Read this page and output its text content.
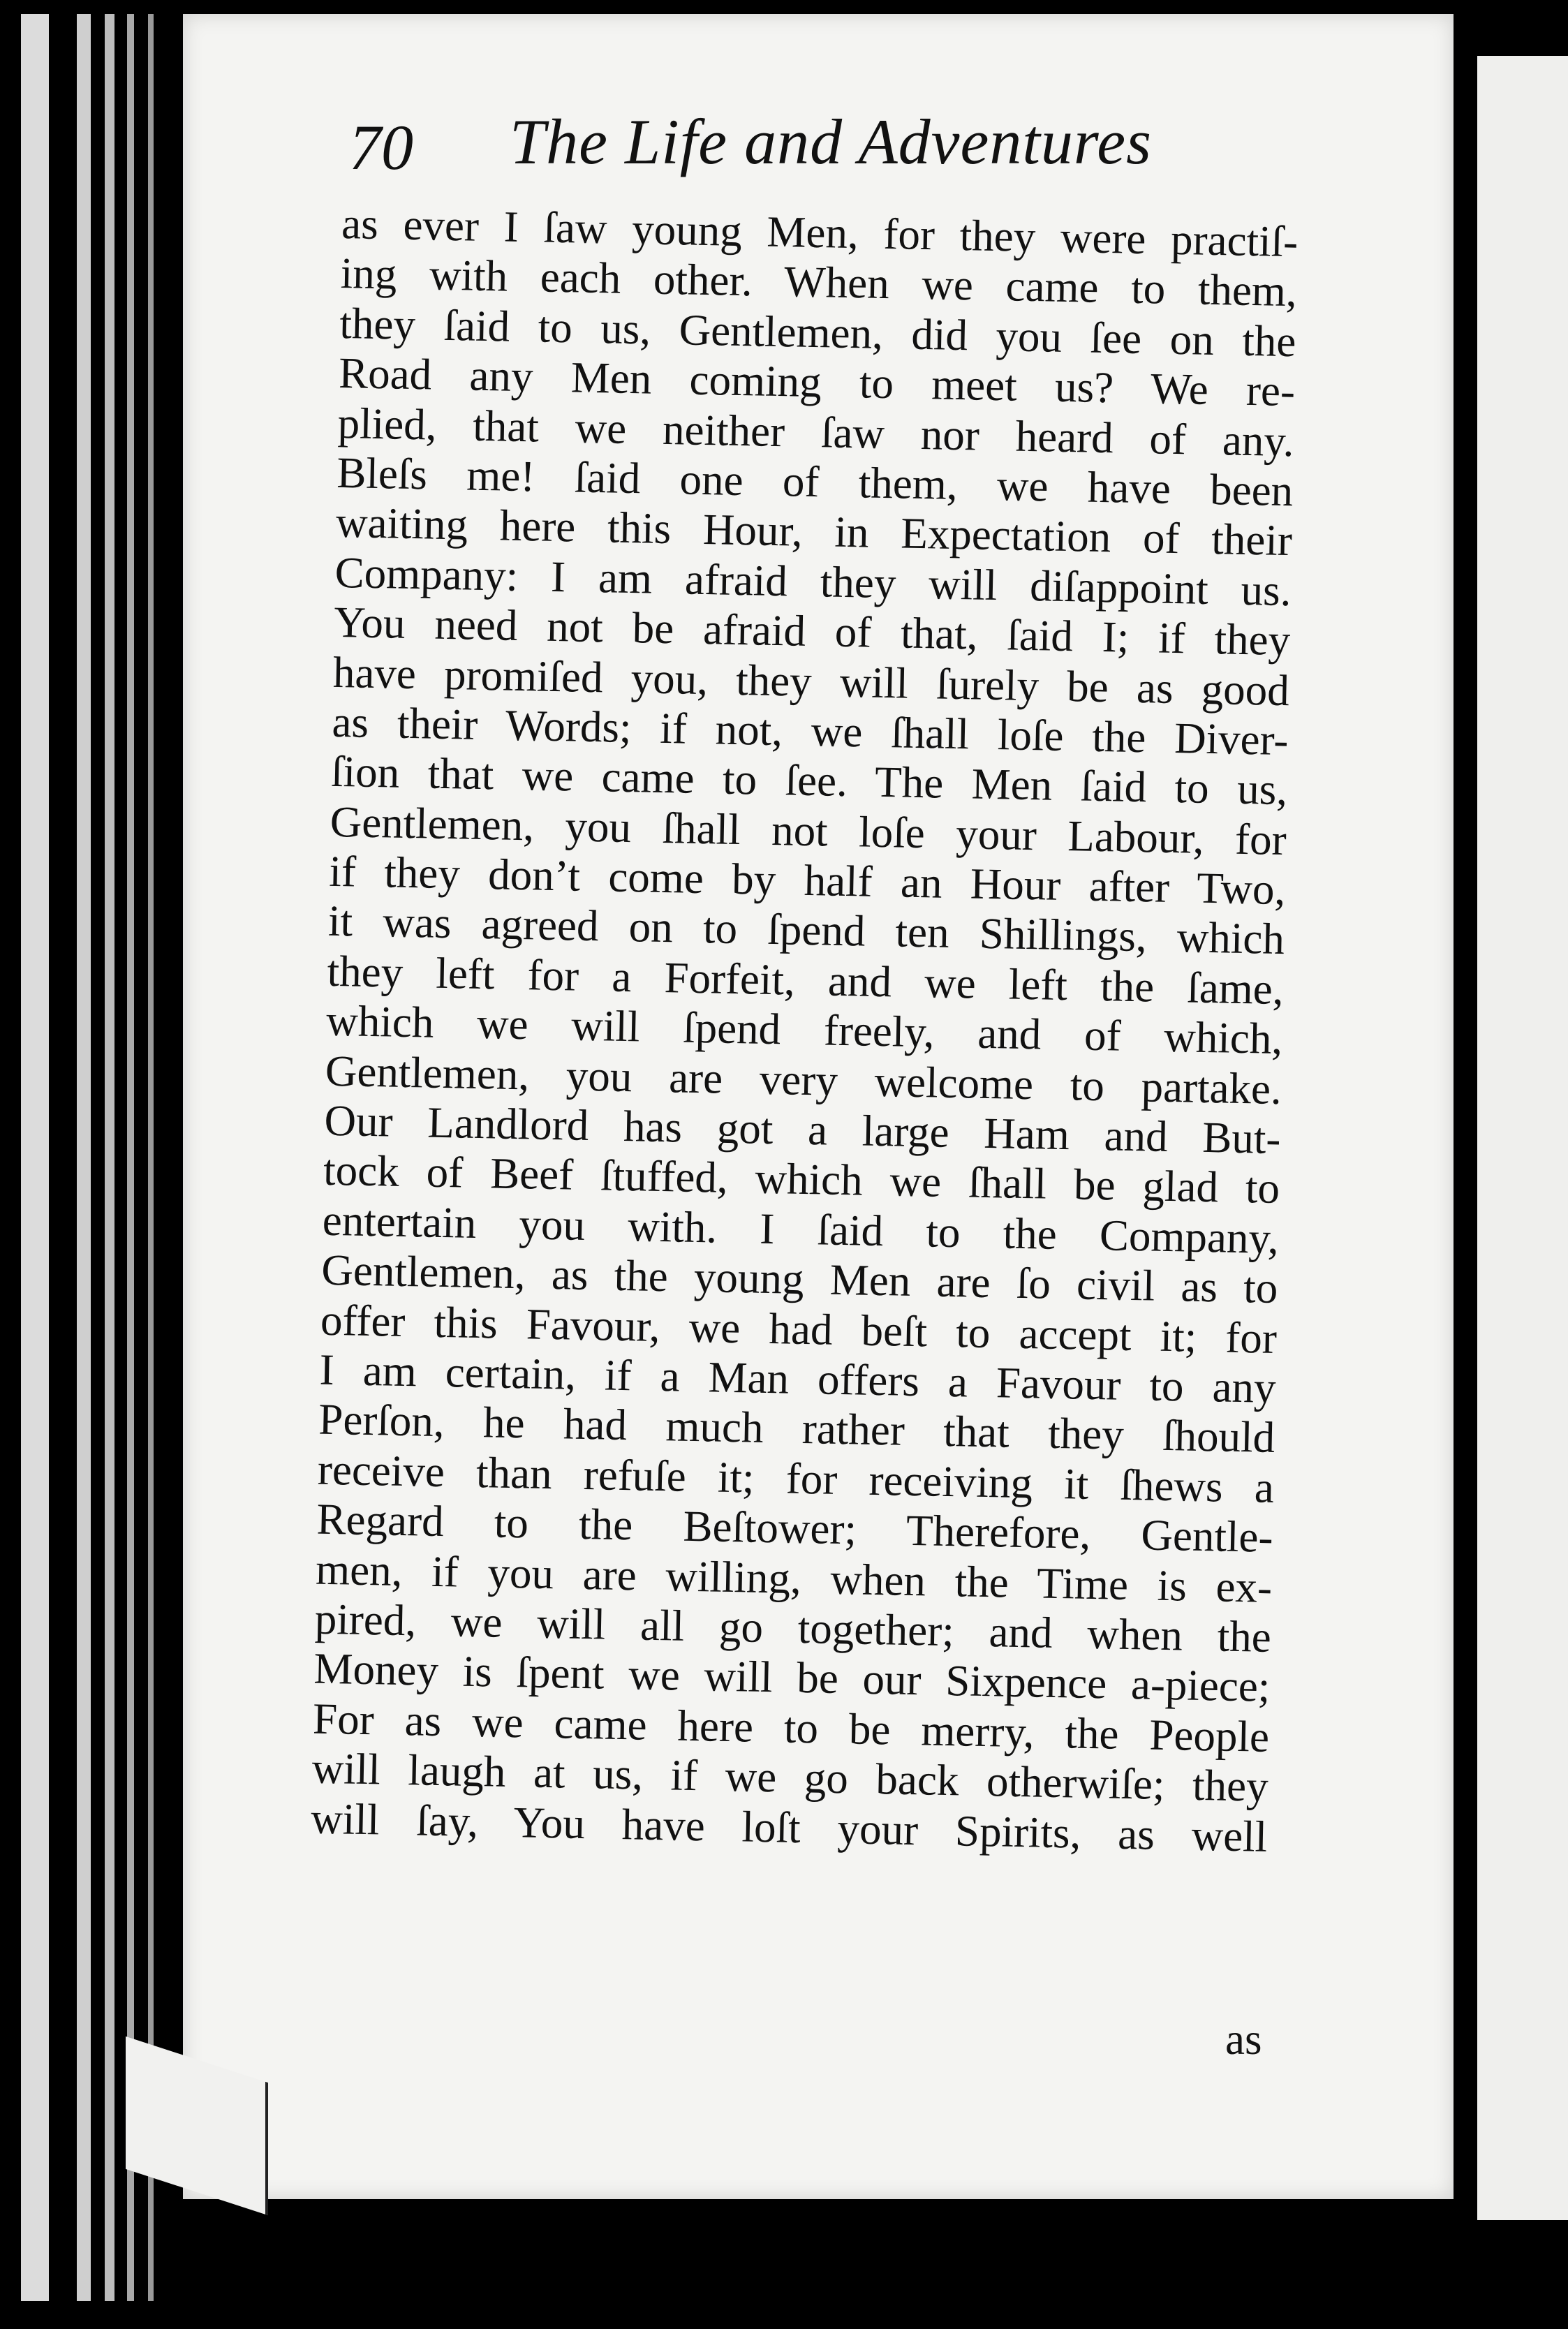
70 The Life and Adventures
as ever I ſaw young Men, for they were practiſ-
ing with each other. When we came to them,
they ſaid to us, Gentlemen, did you ſee on the
Road any Men coming to meet us? We re-
plied, that we neither ſaw nor heard of any.
Bleſs me! ſaid one of them, we have been
waiting here this Hour, in Expectation of their
Company: I am afraid they will diſappoint us.
You need not be afraid of that, ſaid I; if they
have promiſed you, they will ſurely be as good
as their Words; if not, we ſhall loſe the Diver-
ſion that we came to ſee. The Men ſaid to us,
Gentlemen, you ſhall not loſe your Labour, for
if they don’t come by half an Hour after Two,
it was agreed on to ſpend ten Shillings, which
they left for a Forfeit, and we left the ſame,
which we will ſpend freely, and of which,
Gentlemen, you are very welcome to partake.
Our Landlord has got a large Ham and But-
tock of Beef ſtuffed, which we ſhall be glad to
entertain you with. I ſaid to the Company,
Gentlemen, as the young Men are ſo civil as to
offer this Favour, we had beſt to accept it; for
I am certain, if a Man offers a Favour to any
Perſon, he had much rather that they ſhould
receive than refuſe it; for receiving it ſhews a
Regard to the Beſtower; Therefore, Gentle-
men, if you are willing, when the Time is ex-
pired, we will all go together; and when the
Money is ſpent we will be our Sixpence a-piece;
For as we came here to be merry, the People
will laugh at us, if we go back otherwiſe; they
will ſay, You have loſt your Spirits, as well
as
